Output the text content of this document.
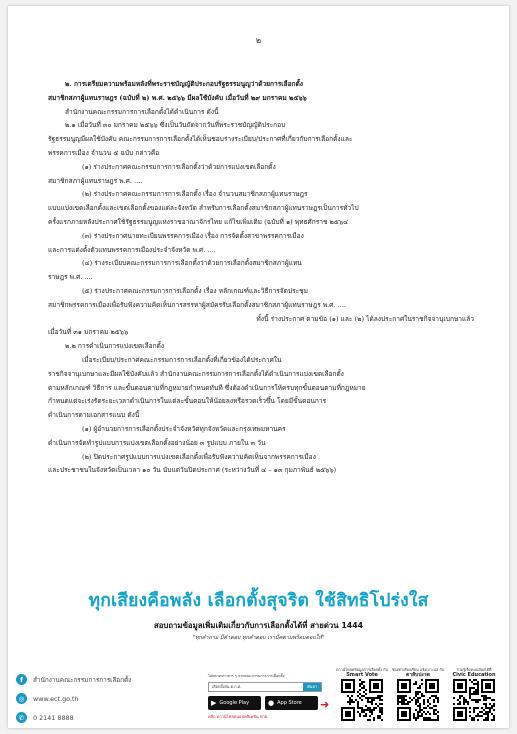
๒

๒. การเตรียมความพร้อมหลังที่พระราชบัญญัติประกอบรัฐธรรมนูญว่าด้วยการเลือกตั้ง

สมาชิกสภาผู้แทนราษฎร (ฉบับที่ ๒) พ.ศ. ๒๕๖๖ มีผลใช้บังคับ เมื่อวันที่ ๒๙ มกราคม ๒๕๖๖

สำนักงานคณะกรรมการการเลือกตั้งได้ดำเนินการ ดังนี้

๒.๑ เมื่อวันที่ ๓๐ มกราคม ๒๕๖๖ ซึ่งเป็นวันถัดจากวันที่พระราชบัญญัติประกอบ

รัฐธรรมนูญมีผลใช้บังคับ คณะกรรมการการเลือกตั้งได้เห็นชอบร่างระเบียบ/ประกาศที่เกี่ยวกับการเลือกตั้งและ

พรรคการเมือง จำนวน ๕ ฉบับ กล่าวคือ

(๑) ร่างประกาศคณะกรรมการการเลือกตั้งว่าด้วยการแบ่งเขตเลือกตั้ง

สมาชิกสภาผู้แทนราษฎร พ.ศ. ....

(๒) ร่างประกาศคณะกรรมการการเลือกตั้ง เรื่อง จำนวนสมาชิกสภาผู้แทนราษฎร

แบบแบ่งเขตเลือกตั้งและเขตเลือกตั้งของแต่ละจังหวัด สำหรับการเลือกตั้งสมาชิกสภาผู้แทนราษฎรเป็นการทั่วไป

ครั้งแรกภายหลังประกาศใช้รัฐธรรมนูญแห่งราชอาณาจักรไทย แก้ไขเพิ่มเติม (ฉบับที่ ๑) พุทธศักราช ๒๕๖๔

(๓) ร่างประกาศนายทะเบียนพรรคการเมือง เรื่อง การจัดตั้งสาขาพรรคการเมือง

และการแต่งตั้งตัวแทนพรรคการเมืองประจำจังหวัด พ.ศ. ....

(๔) ร่างระเบียบคณะกรรมการการเลือกตั้งว่าด้วยการเลือกตั้งสมาชิกสภาผู้แทน

ราษฎร พ.ศ. ....

(๕) ร่างประกาศคณะกรรมการการเลือกตั้ง เรื่อง หลักเกณฑ์และวิธีการจัดประชุม

สมาชิกพรรคการเมืองเพื่อรับฟังความคิดเห็นการสรรหาผู้สมัครรับเลือกตั้งสมาชิกสภาผู้แทนราษฎร พ.ศ. ....

ทั้งนี้ ร่างประกาศ ตามข้อ (๑) และ (๒) ได้ลงประกาศในราชกิจจานุเบกษาแล้ว

เมื่อวันที่ ๓๑ มกราคม ๒๕๖๖

๒.๒ การดำเนินการแบ่งเขตเลือกตั้ง

เมื่อระเบียบ/ประกาศคณะกรรมการการเลือกตั้งที่เกี่ยวข้องได้ประกาศใน

ราชกิจจานุเบกษาและมีผลใช้บังคับแล้ว สำนักงานคณะกรรมการการเลือกตั้งได้ดำเนินการแบ่งเขตเลือกตั้ง

ตามหลักเกณฑ์ วิธีการ และขั้นตอนตามที่กฎหมายกำหนดทันที ซึ่งต้องดำเนินการให้ครบทุกขั้นตอนตามที่กฎหมาย

กำหนดแต่จะเร่งรัดระยะเวลาดำเนินการในแต่ละขั้นตอนให้น้อยลงหรือรวดเร็วขึ้น โดยมีขั้นตอนการ

ดำเนินการตามเอกสารแนบ ดังนี้

(๑) ผู้อำนวยการการเลือกตั้งประจำจังหวัดทุกจังหวัดและกรุงเทพมหานคร

ดำเนินการจัดทำรูปแบบการแบ่งเขตเลือกตั้งอย่างน้อย ๓ รูปแบบ ภายใน ๓ วัน

(๒) ปิดประกาศรูปแบบการแบ่งเขตเลือกตั้งเพื่อรับฟังความคิดเห็นจากพรรคการเมือง

และประชาชนในจังหวัดเป็นเวลา ๑๐ วัน นับแต่วันปิดประกาศ (ระหว่างวันที่ ๔ – ๑๓ กุมภาพันธ์ ๒๕๖๖)

ทุกเสียงคือพลัง เลือกตั้งสุจริต ใช้สิทธิโปร่งใส
สอบถามข้อมูลเพิ่มเติมเกี่ยวกับการเลือกตั้งได้ที่ สายด่วน 1444
"ทุกคำถาม มีคำตอบ ทุกคำตอบ เรามีคตามพร้อมตอบให้"
f	สำนักงานคณะกรรมการการเลือกตั้ง
◎	www.ect.go.th
✆	0 2141 8888
ไม่พลาดข่าวสาร ๆ จากคณะกรรมการการเลือกตั้ง
เลือกตั้งถัน ต.ก.ต.	ค้นหา
▶ Google Play	● App Store
คลิก ดาวน์โหลดแอปพลิเคชัน กกต.
➜
ดาวน์โหลดข้อมูลการเลือกตั้ง กับ
Smart Vote
ช่องทางร้องเรียน แจ้งเบาะแส กับ
ตาสับปะรด
ร่วมรู้เรื่องพลเมืองได้ที่
Civic Education
